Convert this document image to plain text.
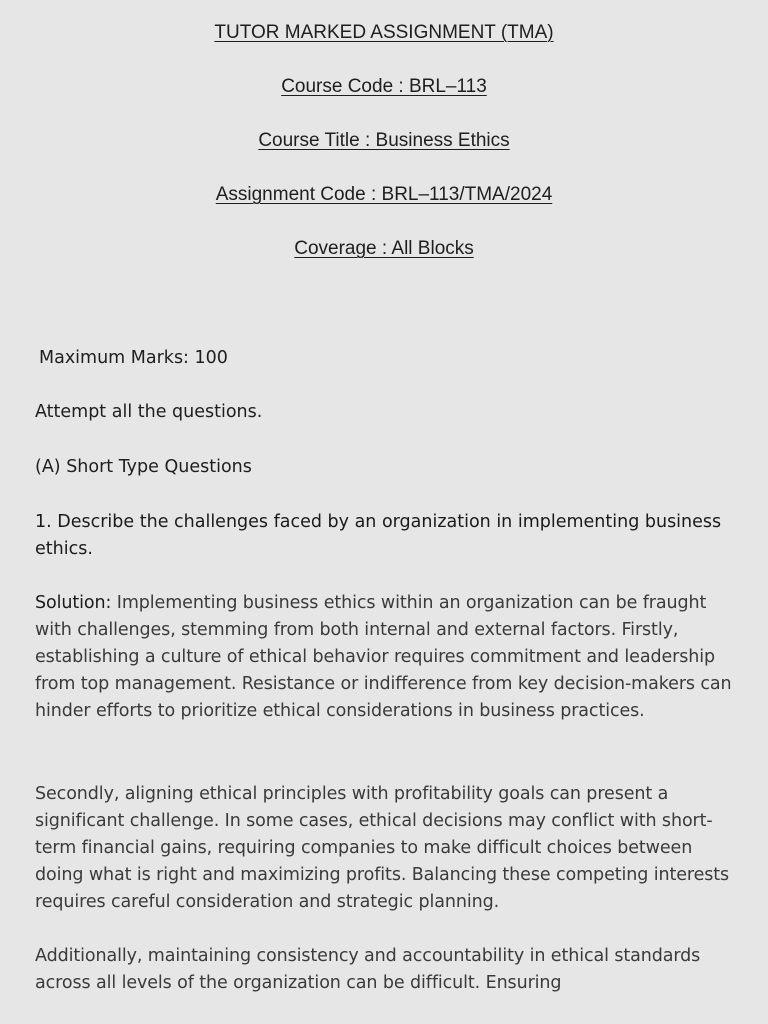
TUTOR MARKED ASSIGNMENT (TMA)
Course Code : BRL–113
Course Title : Business Ethics
Assignment Code : BRL–113/TMA/2024
Coverage : All Blocks
Maximum Marks: 100
Attempt all the questions.
(A) Short Type Questions
1. Describe the challenges faced by an organization in implementing business ethics.
Solution: Implementing business ethics within an organization can be fraught with challenges, stemming from both internal and external factors. Firstly, establishing a culture of ethical behavior requires commitment and leadership from top management. Resistance or indifference from key decision-makers can hinder efforts to prioritize ethical considerations in business practices.
Secondly, aligning ethical principles with profitability goals can present a significant challenge. In some cases, ethical decisions may conflict with short-term financial gains, requiring companies to make difficult choices between doing what is right and maximizing profits. Balancing these competing interests requires careful consideration and strategic planning.
Additionally, maintaining consistency and accountability in ethical standards across all levels of the organization can be difficult. Ensuring
